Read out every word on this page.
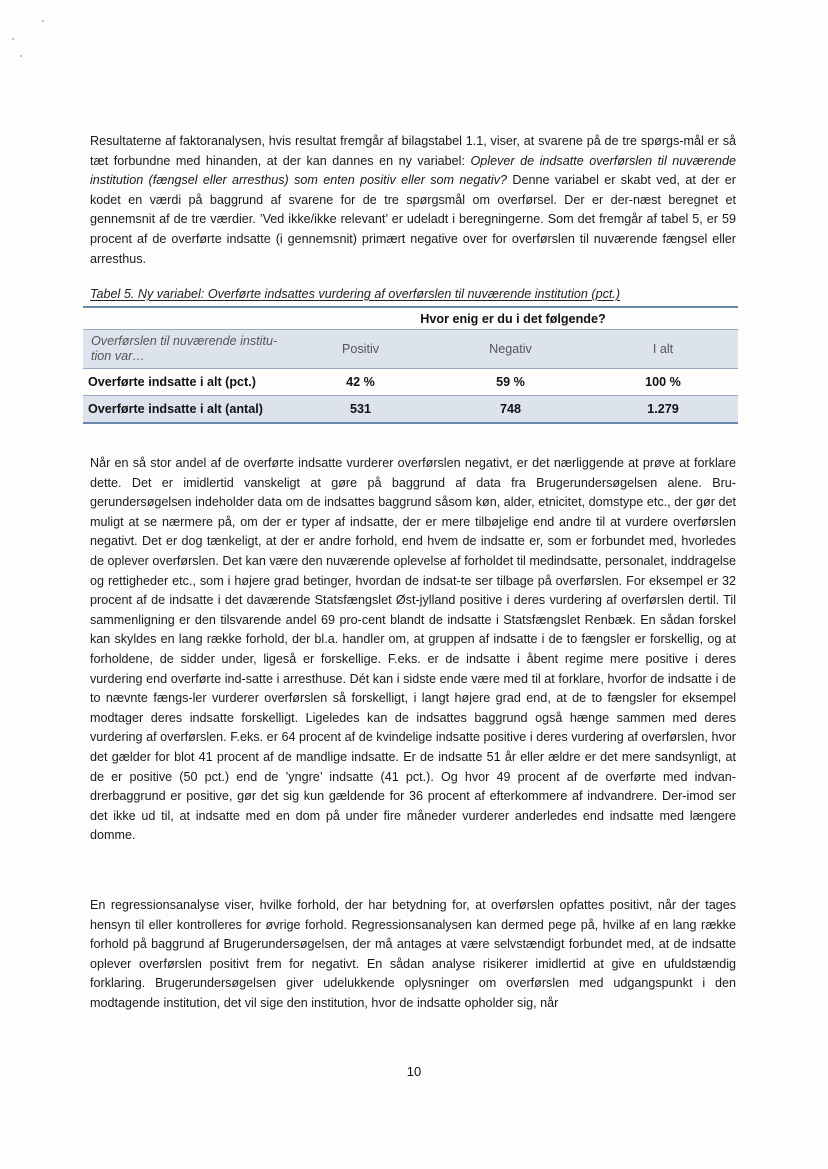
Resultaterne af faktoranalysen, hvis resultat fremgår af bilagstabel 1.1, viser, at svarene på de tre spørgs-mål er så tæt forbundne med hinanden, at der kan dannes en ny variabel: Oplever de indsatte overførslen til nuværende institution (fængsel eller arresthus) som enten positiv eller som negativ? Denne variabel er skabt ved, at der er kodet en værdi på baggrund af svarene for de tre spørgsmål om overførsel. Der er der-næst beregnet et gennemsnit af de tre værdier. ’Ved ikke/ikke relevant’ er udeladt i beregningerne. Som det fremgår af tabel 5, er 59 procent af de overførte indsatte (i gennemsnit) primært negative over for overførslen til nuværende fængsel eller arresthus.

Tabel 5. Ny variabel: Overførte indsattes vurdering af overførslen til nuværende institution (pct.)
	Hvor enig er du i det følgende?		
Overførslen til nuværende institu-tion var…	Positiv	Negativ	I alt
Overførte indsatte i alt (pct.)	42 %	59 %	100 %
Overførte indsatte i alt (antal)	531	748	1.279

Når en så stor andel af de overførte indsatte vurderer overførslen negativt, er det nærliggende at prøve at forklare dette. Det er imidlertid vanskeligt at gøre på baggrund af data fra Brugerundersøgelsen alene. Bru-gerundersøgelsen indeholder data om de indsattes baggrund såsom køn, alder, etnicitet, domstype etc., der gør det muligt at se nærmere på, om der er typer af indsatte, der er mere tilbøjelige end andre til at vurdere overførslen negativt. Det er dog tænkeligt, at der er andre forhold, end hvem de indsatte er, som er forbundet med, hvorledes de oplever overførslen. Det kan være den nuværende oplevelse af forholdet til medindsatte, personalet, inddragelse og rettigheder etc., som i højere grad betinger, hvordan de indsat-te ser tilbage på overførslen. For eksempel er 32 procent af de indsatte i det daværende Statsfængslet Øst-jylland positive i deres vurdering af overførslen dertil. Til sammenligning er den tilsvarende andel 69 pro-cent blandt de indsatte i Statsfængslet Renbæk. En sådan forskel kan skyldes en lang række forhold, der bl.a. handler om, at gruppen af indsatte i de to fængsler er forskellig, og at forholdene, de sidder under, ligeså er forskellige. F.eks. er de indsatte i åbent regime mere positive i deres vurdering end overførte ind-satte i arresthuse. Dét kan i sidste ende være med til at forklare, hvorfor de indsatte i de to nævnte fængs-ler vurderer overførslen så forskelligt, i langt højere grad end, at de to fængsler for eksempel modtager deres indsatte forskelligt. Ligeledes kan de indsattes baggrund også hænge sammen med deres vurdering af overførslen. F.eks. er 64 procent af de kvindelige indsatte positive i deres vurdering af overførslen, hvor det gælder for blot 41 procent af de mandlige indsatte. Er de indsatte 51 år eller ældre er det mere sandsynligt, at de er positive (50 pct.) end de ’yngre’ indsatte (41 pct.). Og hvor 49 procent af de overførte med indvan-drerbaggrund er positive, gør det sig kun gældende for 36 procent af efterkommere af indvandrere. Der-imod ser det ikke ud til, at indsatte med en dom på under fire måneder vurderer anderledes end indsatte med længere domme.

En regressionsanalyse viser, hvilke forhold, der har betydning for, at overførslen opfattes positivt, når der tages hensyn til eller kontrolleres for øvrige forhold. Regressionsanalysen kan dermed pege på, hvilke af en lang række forhold på baggrund af Brugerundersøgelsen, der må antages at være selvstændigt forbundet med, at de indsatte oplever overførslen positivt frem for negativt. En sådan analyse risikerer imidlertid at give en ufuldstændig forklaring. Brugerundersøgelsen giver udelukkende oplysninger om overførslen med udgangspunkt i den modtagende institution, det vil sige den institution, hvor de indsatte opholder sig, når

10
